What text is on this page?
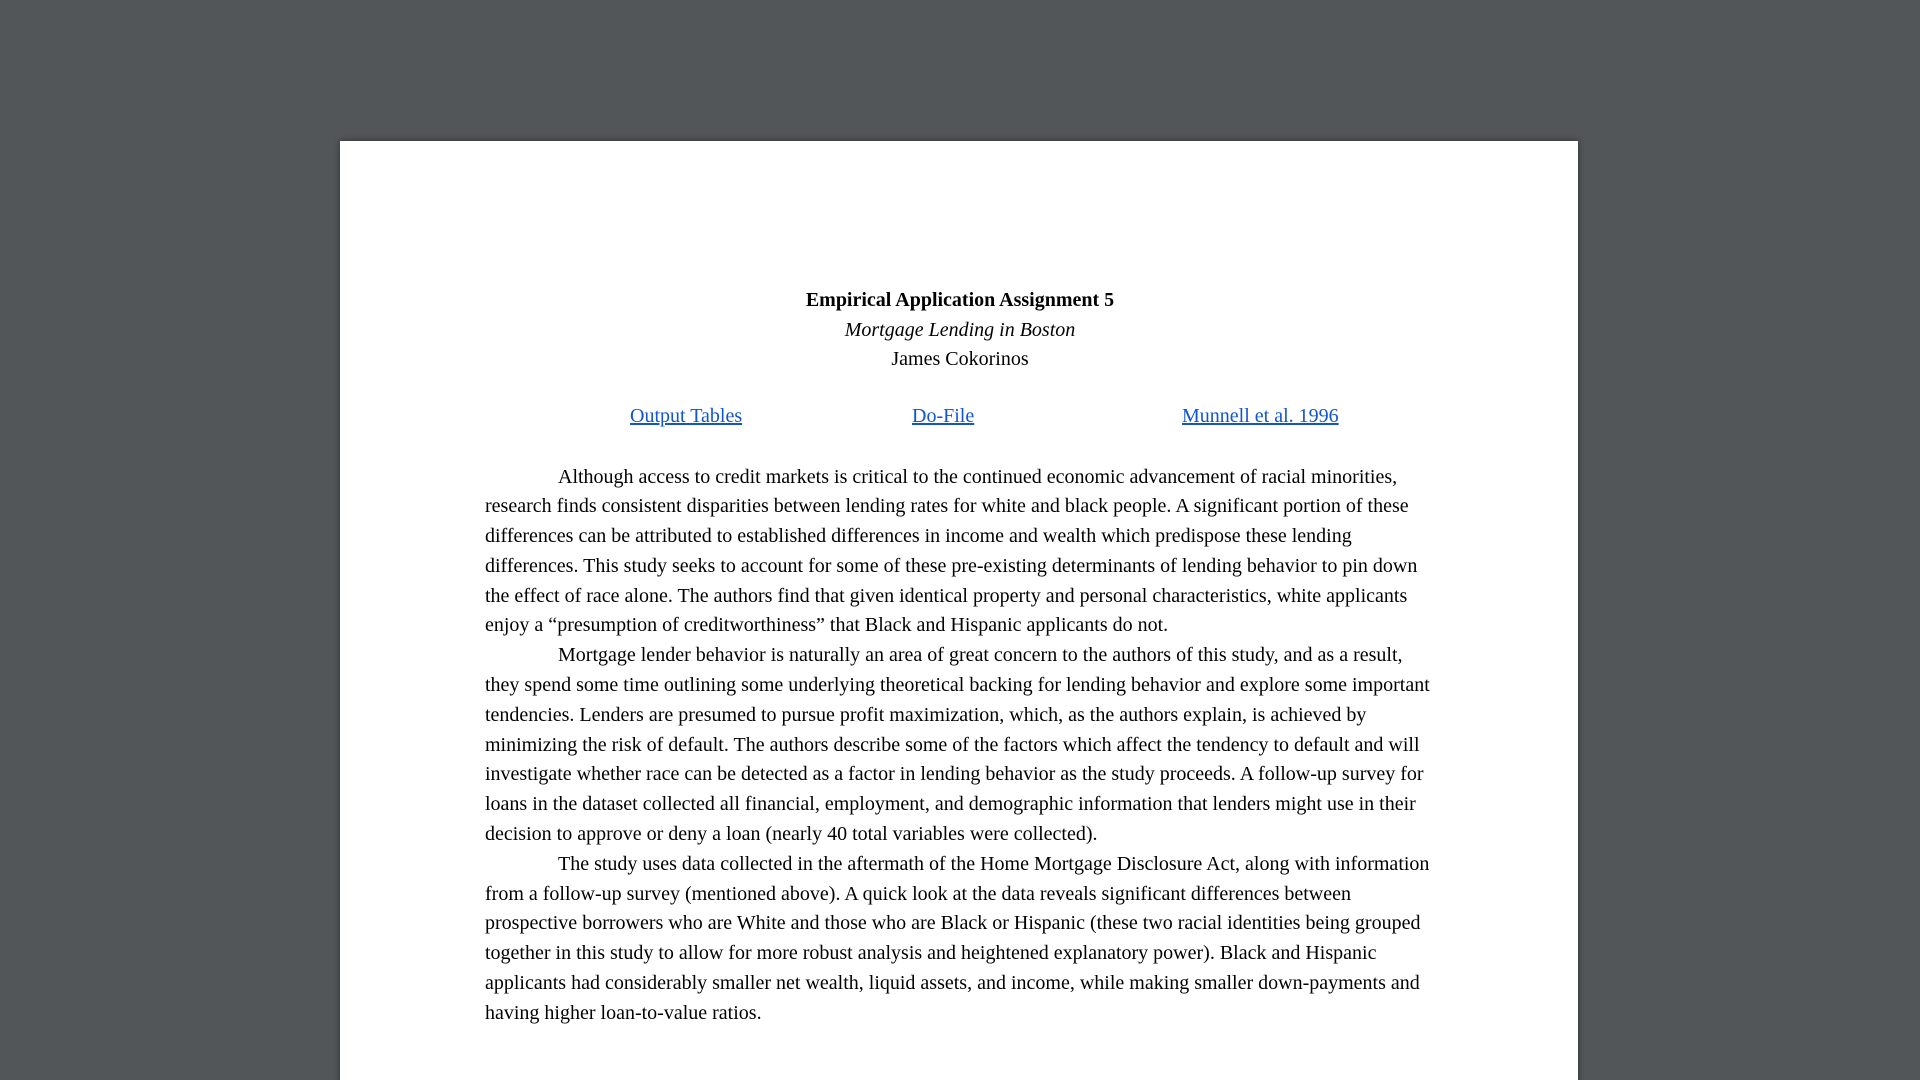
Empirical Application Assignment 5
Mortgage Lending in Boston
James Cokorinos
Output Tables	Do-File	Munnell et al. 1996

Although access to credit markets is critical to the continued economic advancement of racial minorities, research finds consistent disparities between lending rates for white and black people. A significant portion of these differences can be attributed to established differences in income and wealth which predispose these lending differences. This study seeks to account for some of these pre-existing determinants of lending behavior to pin down the effect of race alone. The authors find that given identical property and personal characteristics, white applicants enjoy a “presumption of creditworthiness” that Black and Hispanic applicants do not.

Mortgage lender behavior is naturally an area of great concern to the authors of this study, and as a result, they spend some time outlining some underlying theoretical backing for lending behavior and explore some important tendencies. Lenders are presumed to pursue profit maximization, which, as the authors explain, is achieved by minimizing the risk of default. The authors describe some of the factors which affect the tendency to default and will investigate whether race can be detected as a factor in lending behavior as the study proceeds. A follow-up survey for loans in the dataset collected all financial, employment, and demographic information that lenders might use in their decision to approve or deny a loan (nearly 40 total variables were collected).

The study uses data collected in the aftermath of the Home Mortgage Disclosure Act, along with information from a follow-up survey (mentioned above). A quick look at the data reveals significant differences between prospective borrowers who are White and those who are Black or Hispanic (these two racial identities being grouped together in this study to allow for more robust analysis and heightened explanatory power). Black and Hispanic applicants had considerably smaller net wealth, liquid assets, and income, while making smaller down-payments and having higher loan-to-value ratios.
